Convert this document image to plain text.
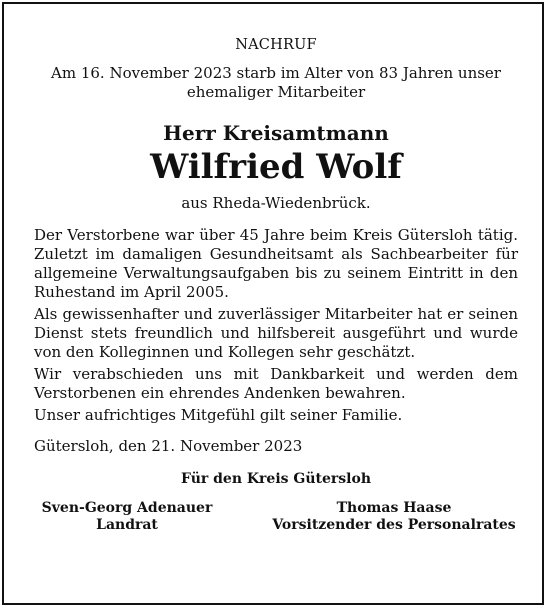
NACHRUF

Am 16. November 2023 starb im Alter von 83 Jahren unser ehemaliger Mitarbeiter

Herr Kreisamtmann

Wilfried Wolf

aus Rheda-Wiedenbrück.

Der Verstorbene war über 45 Jahre beim Kreis Gütersloh tätig. Zuletzt im damaligen Gesundheitsamt als Sachbearbeiter für allgemeine Verwaltungsaufgaben bis zu seinem Eintritt in den Ruhestand im April 2005.

Als gewissenhafter und zuverlässiger Mitarbeiter hat er seinen Dienst stets freundlich und hilfsbereit ausgeführt und wurde von den Kolleginnen und Kollegen sehr geschätzt.

Wir verabschieden uns mit Dankbarkeit und werden dem Verstorbenen ein ehrendes Andenken bewahren.

Unser aufrichtiges Mitgefühl gilt seiner Familie.

Gütersloh, den 21. November 2023

Für den Kreis Gütersloh

Sven-Georg Adenauer
Landrat
Thomas Haase
Vorsitzender des Personalrates
